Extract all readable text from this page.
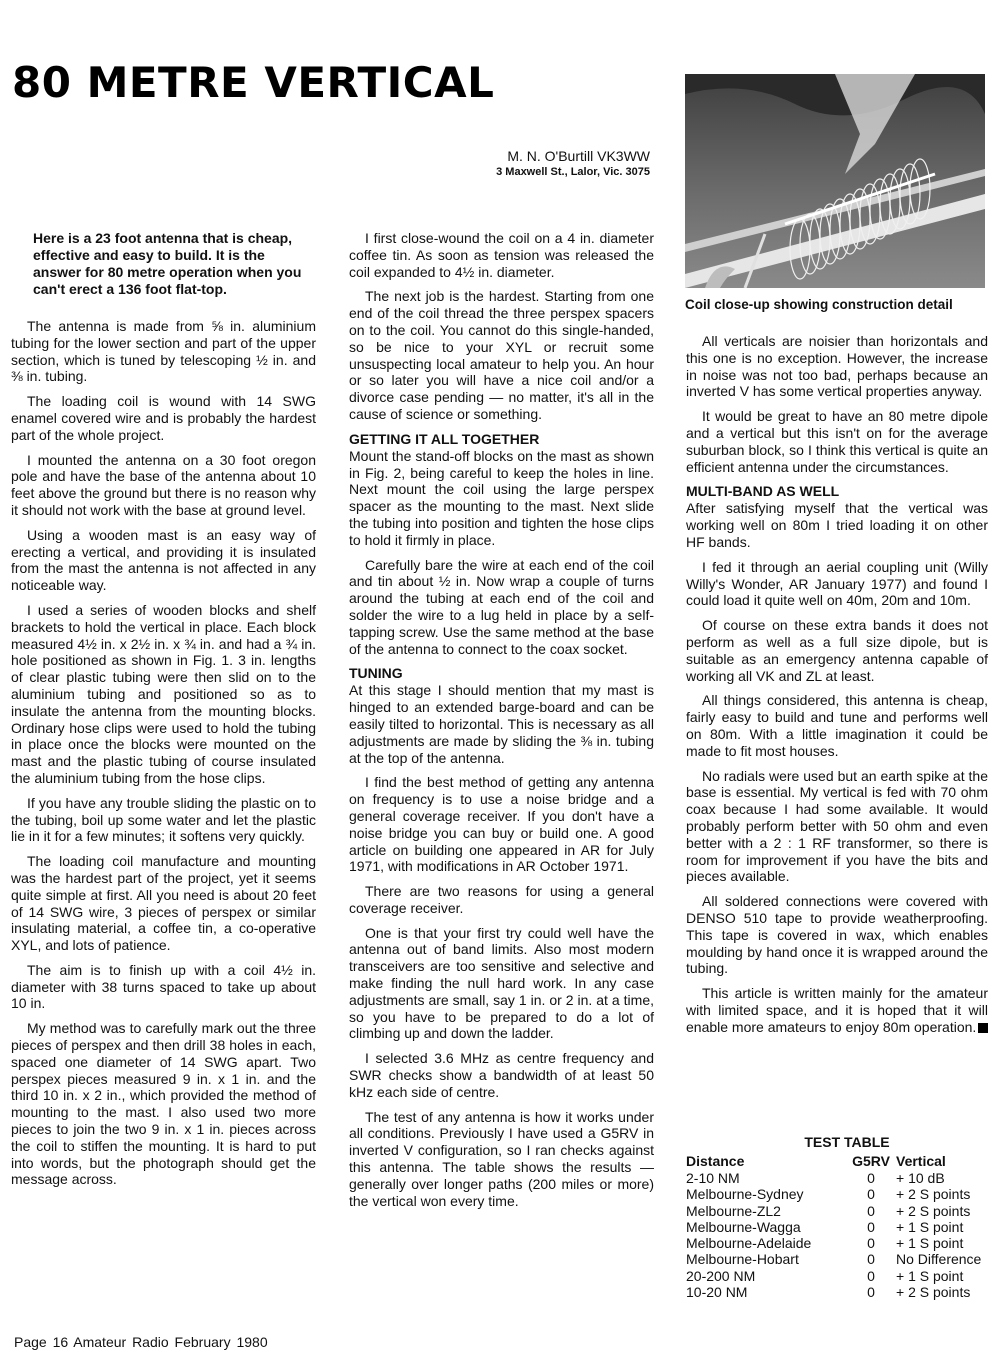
80 METRE VERTICAL
M. N. O'Burtill VK3WW
3 Maxwell St., Lalor, Vic. 3075
Coil close-up showing construction detail
Here is a 23 foot antenna that is cheap, effective and easy to build. It is the answer for 80 metre operation when you can't erect a 136 foot flat-top.

The antenna is made from ⅝ in. aluminium tubing for the lower section and part of the upper section, which is tuned by telescoping ½ in. and ⅜ in. tubing.

The loading coil is wound with 14 SWG enamel covered wire and is probably the hardest part of the whole project.

I mounted the antenna on a 30 foot oregon pole and have the base of the antenna about 10 feet above the ground but there is no reason why it should not work with the base at ground level.

Using a wooden mast is an easy way of erecting a vertical, and providing it is insulated from the mast the antenna is not affected in any noticeable way.

I used a series of wooden blocks and shelf brackets to hold the vertical in place. Each block measured 4½ in. x 2½ in. x ¾ in. and had a ¾ in. hole positioned as shown in Fig. 1. 3 in. lengths of clear plastic tubing were then slid on to the aluminium tubing and positioned so as to insulate the antenna from the mounting blocks. Ordinary hose clips were used to hold the tubing in place once the blocks were mounted on the mast and the plastic tubing of course insulated the aluminium tubing from the hose clips.

If you have any trouble sliding the plastic on to the tubing, boil up some water and let the plastic lie in it for a few minutes; it softens very quickly.

The loading coil manufacture and mounting was the hardest part of the project, yet it seems quite simple at first. All you need is about 20 feet of 14 SWG wire, 3 pieces of perspex or similar insulating material, a coffee tin, a co-operative XYL, and lots of patience.

The aim is to finish up with a coil 4½ in. diameter with 38 turns spaced to take up about 10 in.

My method was to carefully mark out the three pieces of perspex and then drill 38 holes in each, spaced one diameter of 14 SWG apart. Two perspex pieces measured 9 in. x 1 in. and the third 10 in. x 2 in., which provided the method of mounting to the mast. I also used two more pieces to join the two 9 in. x 1 in. pieces across the coil to stiffen the mounting. It is hard to put into words, but the photograph should get the message across.

I first close-wound the coil on a 4 in. diameter coffee tin. As soon as tension was released the coil expanded to 4½ in. diameter.

The next job is the hardest. Starting from one end of the coil thread the three perspex spacers on to the coil. You cannot do this single-handed, so be nice to your XYL or recruit some unsuspecting local amateur to help you. An hour or so later you will have a nice coil and/or a divorce case pending — no matter, it's all in the cause of science or something.

GETTING IT ALL TOGETHER

Mount the stand-off blocks on the mast as shown in Fig. 2, being careful to keep the holes in line. Next mount the coil using the large perspex spacer as the mounting to the mast. Next slide the tubing into position and tighten the hose clips to hold it firmly in place.

Carefully bare the wire at each end of the coil and tin about ½ in. Now wrap a couple of turns around the tubing at each end of the coil and solder the wire to a lug held in place by a self-tapping screw. Use the same method at the base of the antenna to connect to the coax socket.

TUNING

At this stage I should mention that my mast is hinged to an extended barge-board and can be easily tilted to horizontal. This is necessary as all adjustments are made by sliding the ⅜ in. tubing at the top of the antenna.

I find the best method of getting any antenna on frequency is to use a noise bridge and a general coverage receiver. If you don't have a noise bridge you can buy or build one. A good article on building one appeared in AR for July 1971, with modifications in AR October 1971.

There are two reasons for using a general coverage receiver.

One is that your first try could well have the antenna out of band limits. Also most modern transceivers are too sensitive and selective and make finding the null hard work. In any case adjustments are small, say 1 in. or 2 in. at a time, so you have to be prepared to do a lot of climbing up and down the ladder.

I selected 3.6 MHz as centre frequency and SWR checks show a bandwidth of at least 50 kHz each side of centre.

The test of any antenna is how it works under all conditions. Previously I have used a G5RV in inverted V configuration, so I ran checks against this antenna. The table shows the results — generally over longer paths (200 miles or more) the vertical won every time.

All verticals are noisier than horizontals and this one is no exception. However, the increase in noise was not too bad, perhaps because an inverted V has some vertical properties anyway.

It would be great to have an 80 metre dipole and a vertical but this isn't on for the average suburban block, so I think this vertical is quite an efficient antenna under the circumstances.

MULTI-BAND AS WELL

After satisfying myself that the vertical was working well on 80m I tried loading it on other HF bands.

I fed it through an aerial coupling unit (Willy Willy's Wonder, AR January 1977) and found I could load it quite well on 40m, 20m and 10m.

Of course on these extra bands it does not perform as well as a full size dipole, but is suitable as an emergency antenna capable of working all VK and ZL at least.

All things considered, this antenna is cheap, fairly easy to build and tune and performs well on 80m. With a little imagination it could be made to fit most houses.

No radials were used but an earth spike at the base is essential. My vertical is fed with 70 ohm coax because I had some available. It would probably perform better with 50 ohm and even better with a 2 : 1 RF transformer, so there is room for improvement if you have the bits and pieces available.

All soldered connections were covered with DENSO 510 tape to provide weatherproofing. This tape is covered in wax, which enables moulding by hand once it is wrapped around the tubing.

This article is written mainly for the amateur with limited space, and it is hoped that it will enable more amateurs to enjoy 80m operation.

TEST TABLE
Distance	G5RV	Vertical
2-10 NM	0	+ 10 dB
Melbourne-Sydney	0	+ 2 S points
Melbourne-ZL2	0	+ 2 S points
Melbourne-Wagga	0	+ 1 S point
Melbourne-Adelaide	0	+ 1 S point
Melbourne-Hobart	0	No Difference
20-200 NM	0	+ 1 S point
10-20 NM	0	+ 2 S points
Page 16 Amateur Radio February 1980
